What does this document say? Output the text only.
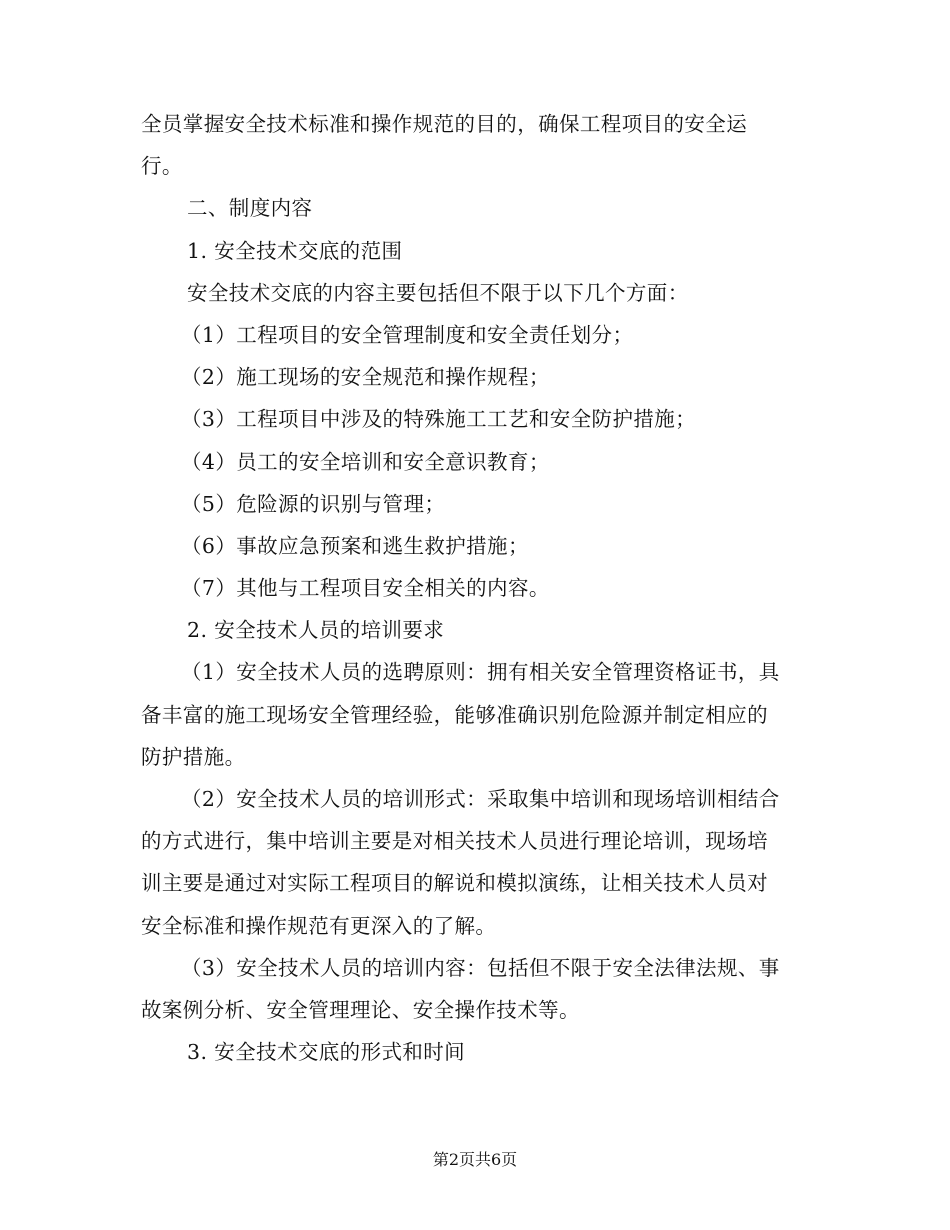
全员掌握安全技术标准和操作规范的目的，确保工程项目的安全运
行。
二、制度内容
1. 安全技术交底的范围
安全技术交底的内容主要包括但不限于以下几个方面：
（1）工程项目的安全管理制度和安全责任划分；
（2）施工现场的安全规范和操作规程；
（3）工程项目中涉及的特殊施工工艺和安全防护措施；
（4）员工的安全培训和安全意识教育；
（5）危险源的识别与管理；
（6）事故应急预案和逃生救护措施；
（7）其他与工程项目安全相关的内容。
2. 安全技术人员的培训要求
（1）安全技术人员的选聘原则：拥有相关安全管理资格证书，具
备丰富的施工现场安全管理经验，能够准确识别危险源并制定相应的
防护措施。
（2）安全技术人员的培训形式：采取集中培训和现场培训相结合
的方式进行，集中培训主要是对相关技术人员进行理论培训，现场培
训主要是通过对实际工程项目的解说和模拟演练，让相关技术人员对
安全标准和操作规范有更深入的了解。
（3）安全技术人员的培训内容：包括但不限于安全法律法规、事
故案例分析、安全管理理论、安全操作技术等。
3. 安全技术交底的形式和时间
第2页共6页
